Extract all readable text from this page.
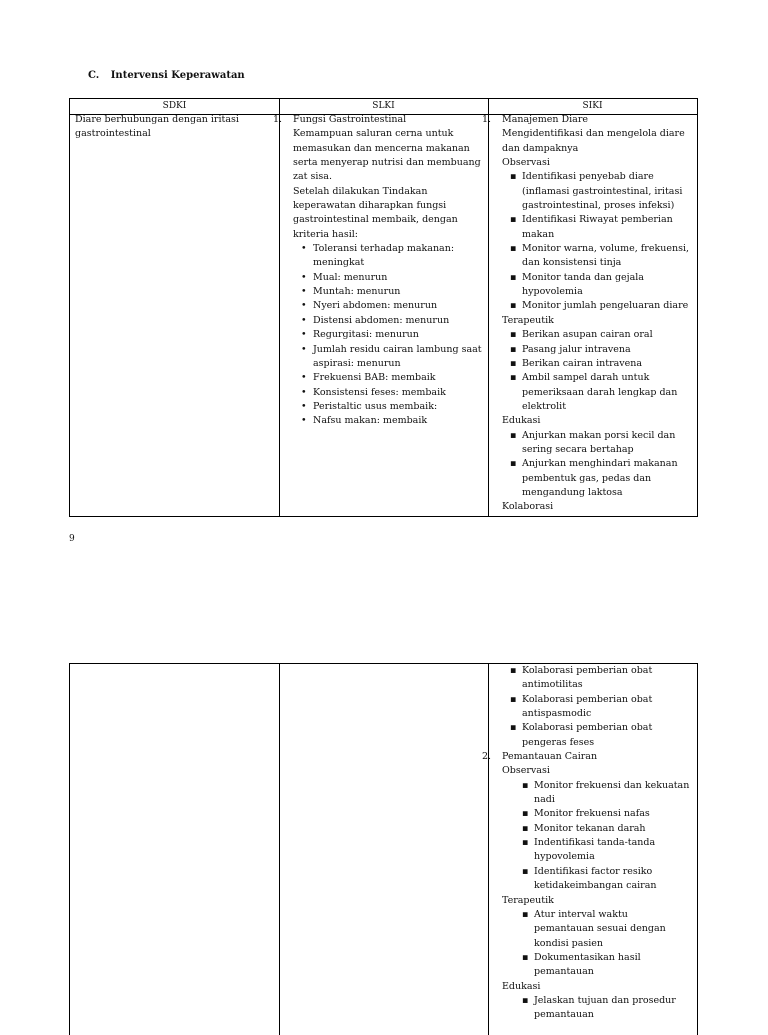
C. Intervensi Keperawatan
SDKI	SLKI	SIKI
Diare berhubungan dengan iritasi
gastrointestinal
1. Fungsi Gastrointestinal
Kemampuan saluran cerna untuk
memasukan dan mencerna makanan
serta menyerap nutrisi dan membuang
zat sisa.
Setelah dilakukan Tindakan
keperawatan diharapkan fungsi
gastrointestinal membaik, dengan
kriteria hasil:
• Toleransi terhadap makanan:
meningkat
• Mual: menurun
• Muntah: menurun
• Nyeri abdomen: menurun
• Distensi abdomen: menurun
• Regurgitasi: menurun
• Jumlah residu cairan lambung saat
aspirasi: menurun
• Frekuensi BAB: membaik
• Konsistensi feses: membaik
• Peristaltic usus membaik:
• Nafsu makan: membaik
1. Manajemen Diare
Mengidentifikasi dan mengelola diare
dan dampaknya
Observasi
▪ Identifikasi penyebab diare
(inflamasi gastrointestinal, iritasi
gastrointestinal, proses infeksi)
▪ Identifikasi Riwayat pemberian
makan
▪ Monitor warna, volume, frekuensi,
dan konsistensi tinja
▪ Monitor tanda dan gejala
hypovolemia
▪ Monitor jumlah pengeluaran diare
Terapeutik
▪ Berikan asupan cairan oral
▪ Pasang jalur intravena
▪ Berikan cairan intravena
▪ Ambil sampel darah untuk
pemeriksaan darah lengkap dan
elektrolit
Edukasi
▪ Anjurkan makan porsi kecil dan
sering secara bertahap
▪ Anjurkan menghindari makanan
pembentuk gas, pedas dan
mengandung laktosa
Kolaborasi
9
▪ Kolaborasi pemberian obat
antimotilitas
▪ Kolaborasi pemberian obat
antispasmodic
▪ Kolaborasi pemberian obat
pengeras feses
2. Pemantauan Cairan
Observasi
▪ Monitor frekuensi dan kekuatan
nadi
▪ Monitor frekuensi nafas
▪ Monitor tekanan darah
▪ Indentifikasi tanda-tanda
hypovolemia
▪ Identifikasi factor resiko
ketidakeimbangan cairan
Terapeutik
▪ Atur interval waktu
pemantauan sesuai dengan
kondisi pasien
▪ Dokumentasikan hasil
pemantauan
Edukasi
▪ Jelaskan tujuan dan prosedur
pemantauan
